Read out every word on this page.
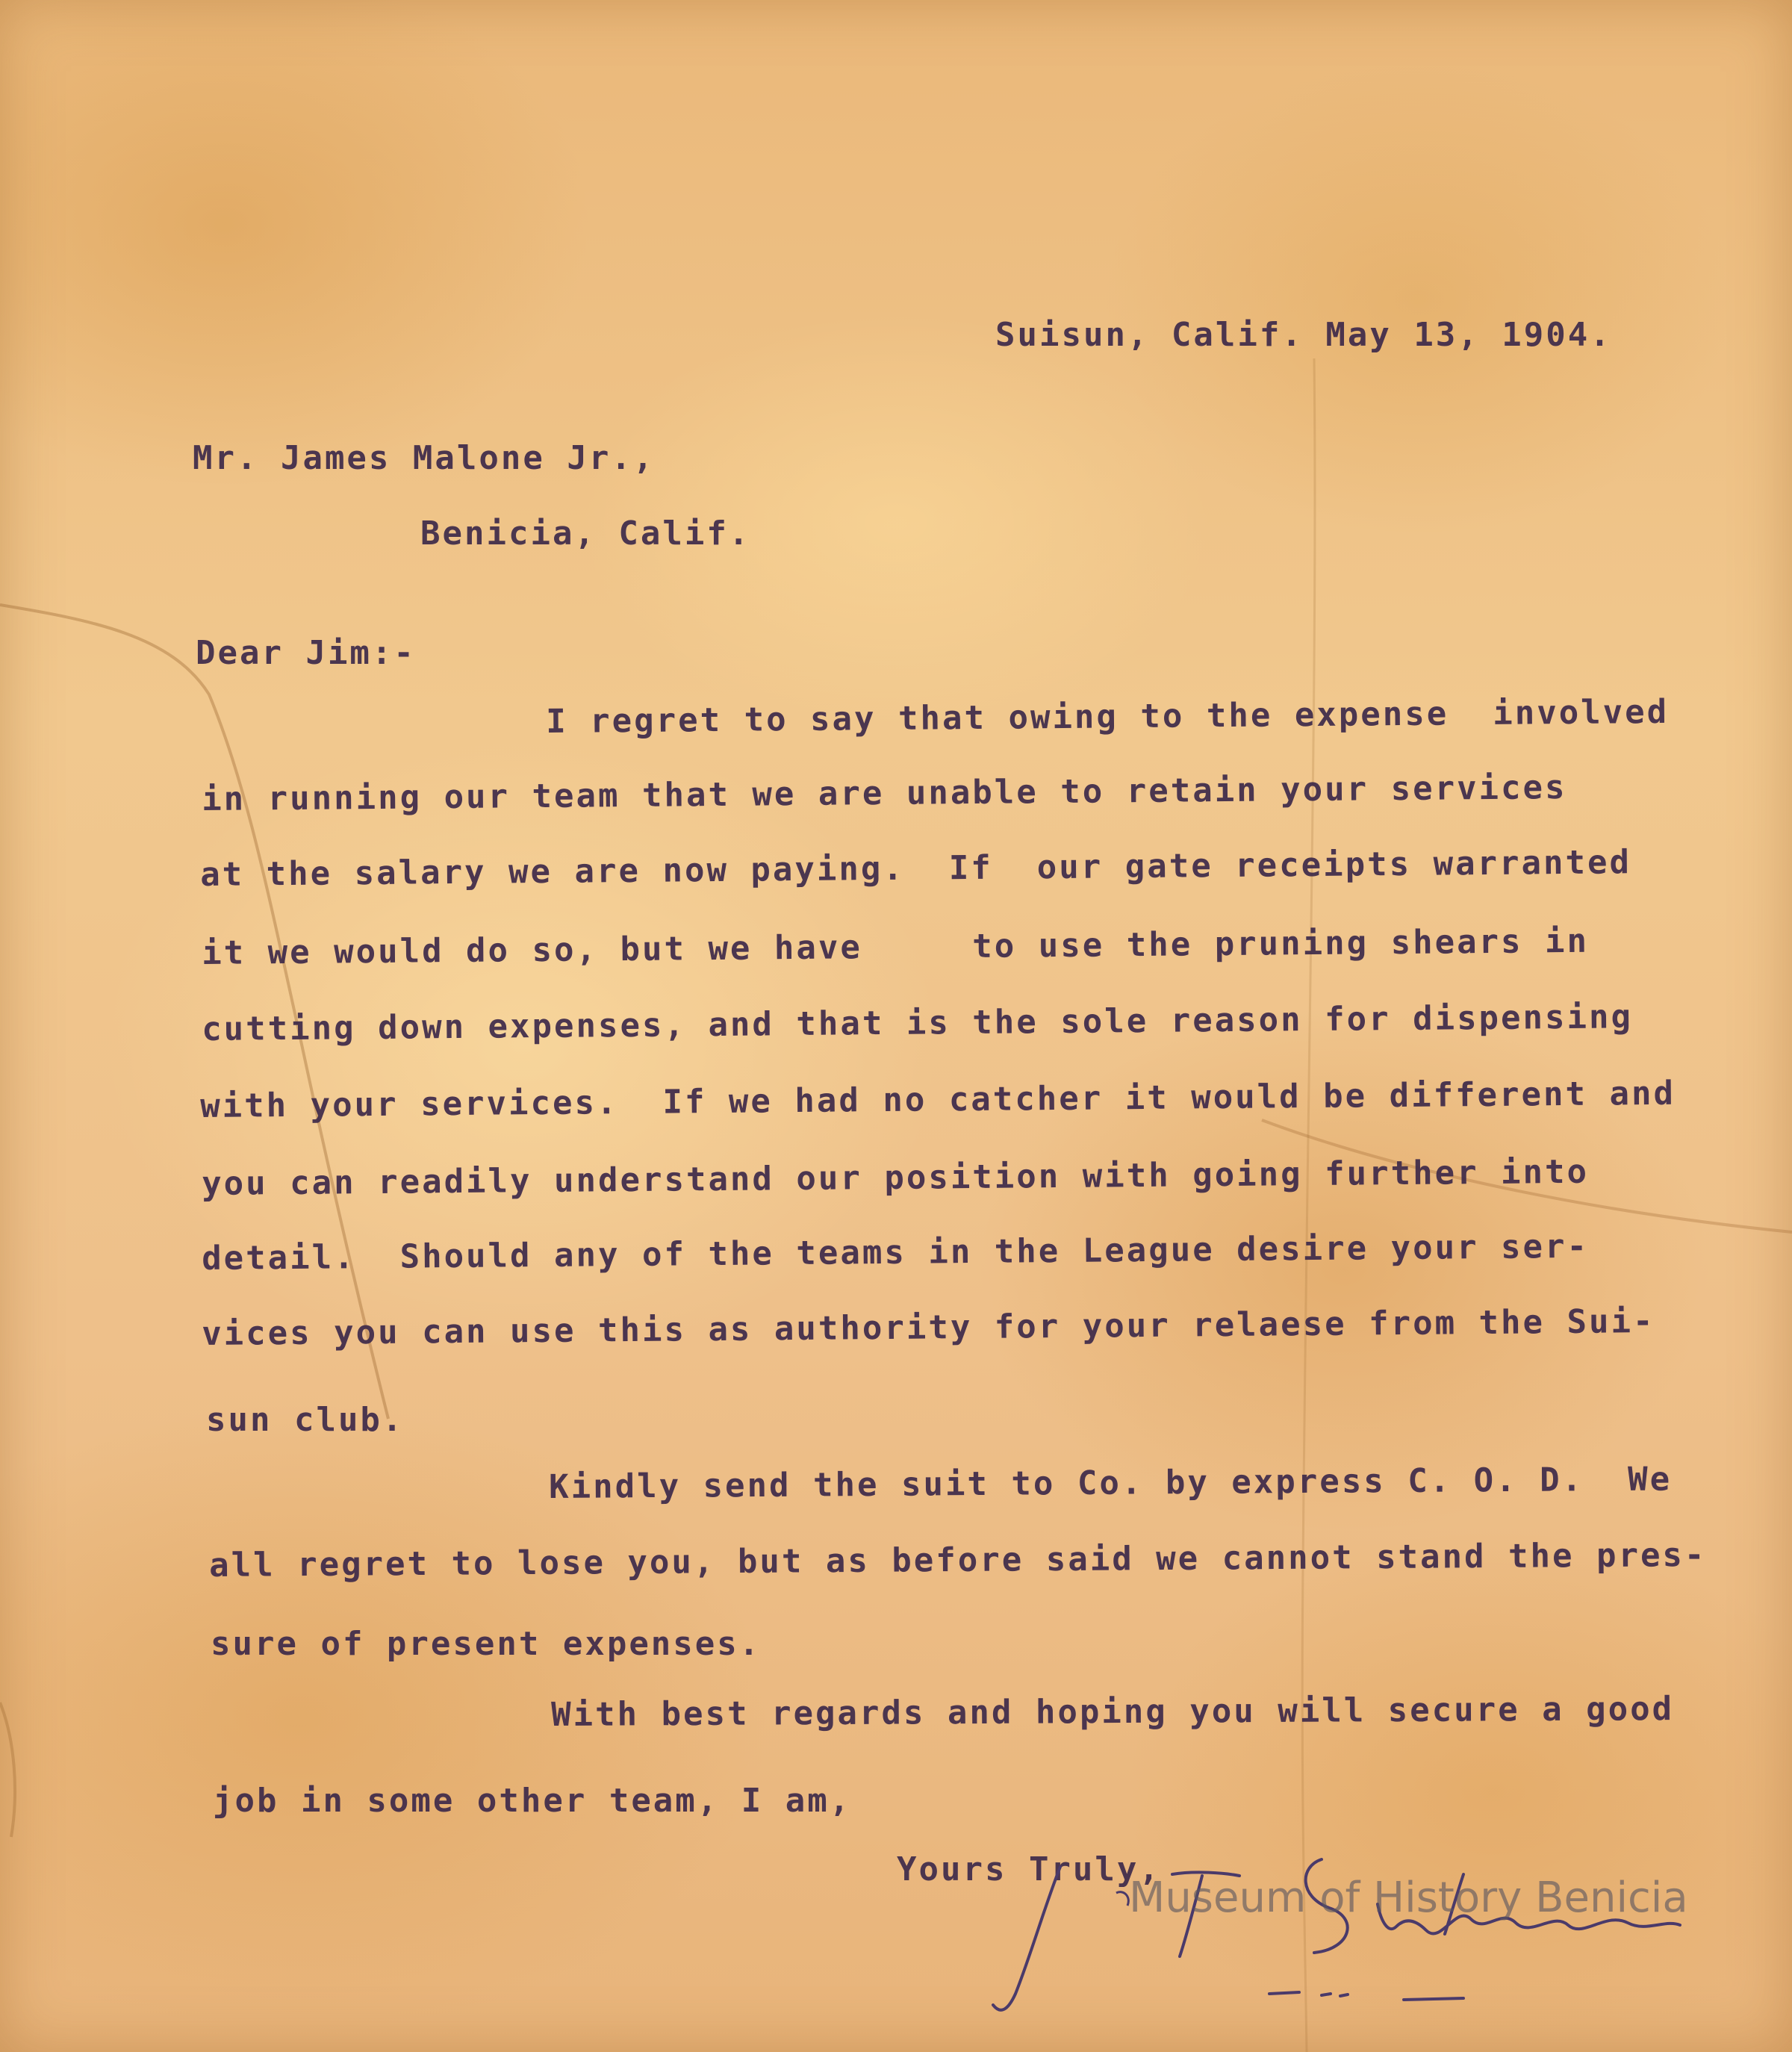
Suisun, Calif. May 13, 1904.
Mr. James Malone Jr.,
Benicia, Calif.
Dear Jim:-
I regret to say that owing to the expense  involved
in running our team that we are unable to retain your services
at the salary we are now paying.  If  our gate receipts warranted
it we would do so, but we have     to use the pruning shears in
cutting down expenses, and that is the sole reason for dispensing
with your services.  If we had no catcher it would be different and
you can readily understand our position with going further into
detail.  Should any of the teams in the League desire your ser-
vices you can use this as authority for your relaese from the Sui-
sun club.
Kindly send the suit to Co. by express C. O. D.  We
all regret to lose you, but as before said we cannot stand the pres-
sure of present expenses.
With best regards and hoping you will secure a good
job in some other team, I am,
Yours Truly,
Museum of History Benicia
